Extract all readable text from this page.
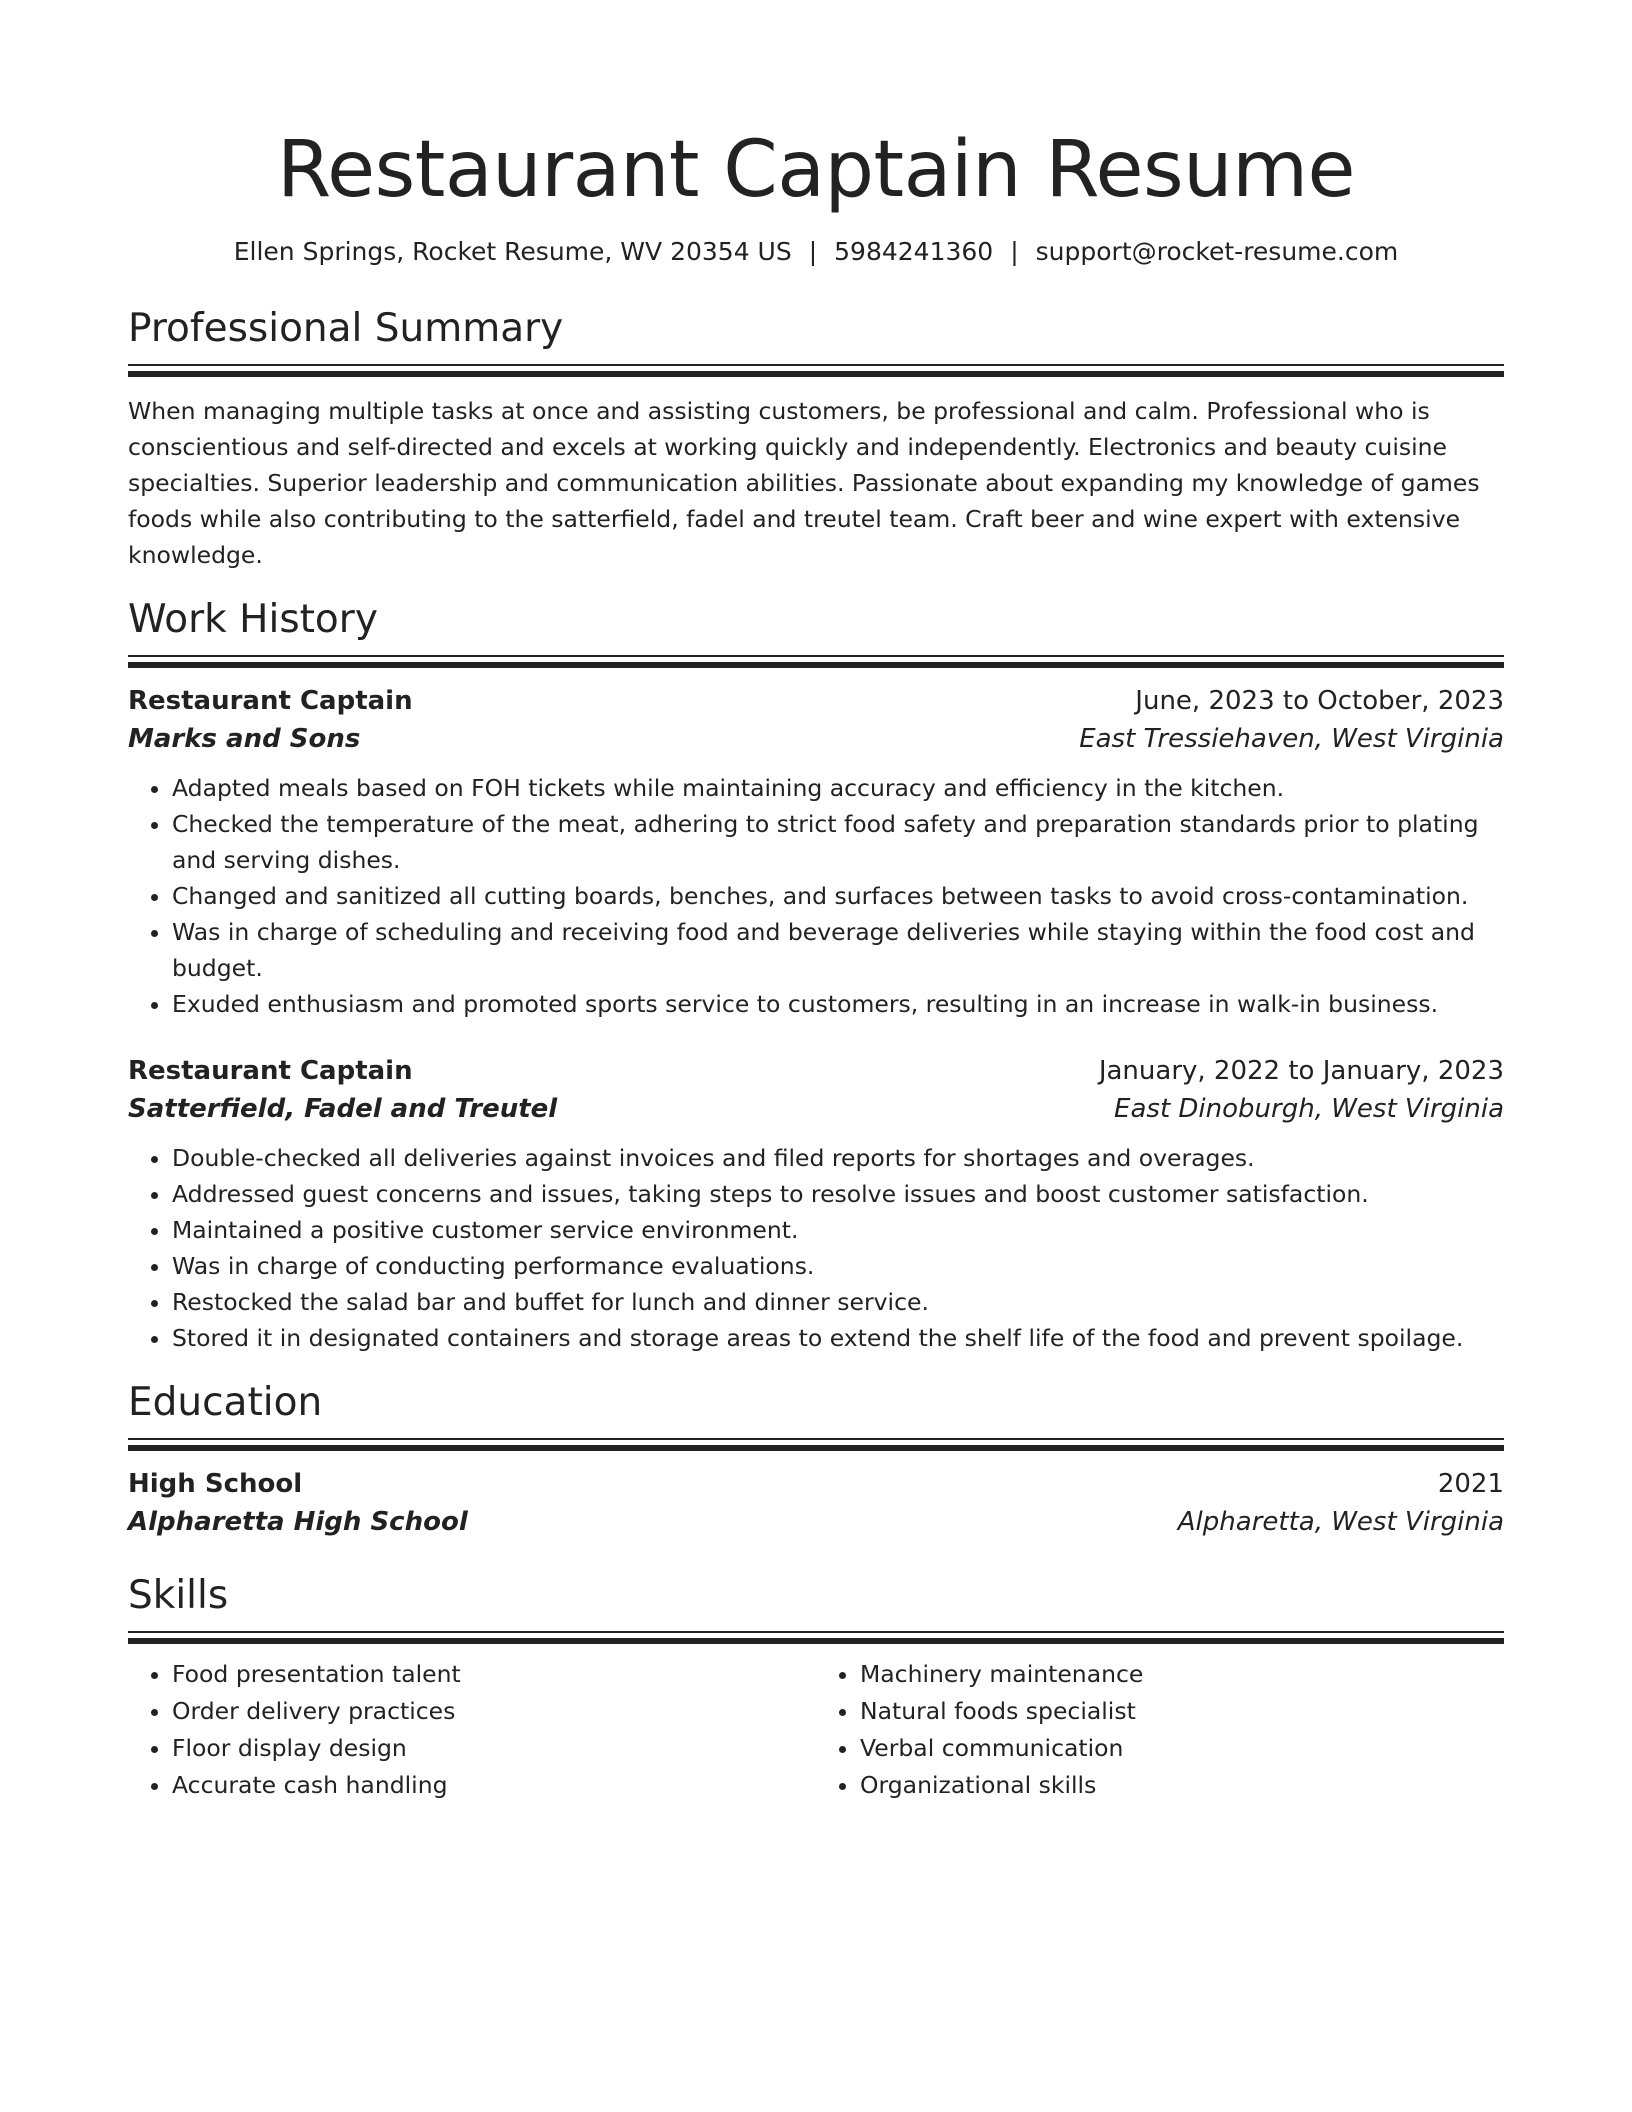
Restaurant Captain Resume
Ellen Springs, Rocket Resume, WV 20354 US | 5984241360 | support@rocket-resume.com
Professional Summary
When managing multiple tasks at once and assisting customers, be professional and calm. Professional who is conscientious and self-directed and excels at working quickly and independently. Electronics and beauty cuisine specialties. Superior leadership and communication abilities. Passionate about expanding my knowledge of games foods while also contributing to the satterfield, fadel and treutel team. Craft beer and wine expert with extensive knowledge.
Work History
Restaurant Captain	June, 2023 to October, 2023
Marks and Sons	East Tressiehaven, West Virginia
• Adapted meals based on FOH tickets while maintaining accuracy and efficiency in the kitchen.
• Checked the temperature of the meat, adhering to strict food safety and preparation standards prior to plating and serving dishes.
• Changed and sanitized all cutting boards, benches, and surfaces between tasks to avoid cross-contamination.
• Was in charge of scheduling and receiving food and beverage deliveries while staying within the food cost and budget.
• Exuded enthusiasm and promoted sports service to customers, resulting in an increase in walk-in business.
Restaurant Captain	January, 2022 to January, 2023
Satterfield, Fadel and Treutel	East Dinoburgh, West Virginia
• Double-checked all deliveries against invoices and filed reports for shortages and overages.
• Addressed guest concerns and issues, taking steps to resolve issues and boost customer satisfaction.
• Maintained a positive customer service environment.
• Was in charge of conducting performance evaluations.
• Restocked the salad bar and buffet for lunch and dinner service.
• Stored it in designated containers and storage areas to extend the shelf life of the food and prevent spoilage.
Education
High School	2021
Alpharetta High School	Alpharetta, West Virginia
Skills
• Food presentation talent
• Order delivery practices
• Floor display design
• Accurate cash handling
• Machinery maintenance
• Natural foods specialist
• Verbal communication
• Organizational skills
